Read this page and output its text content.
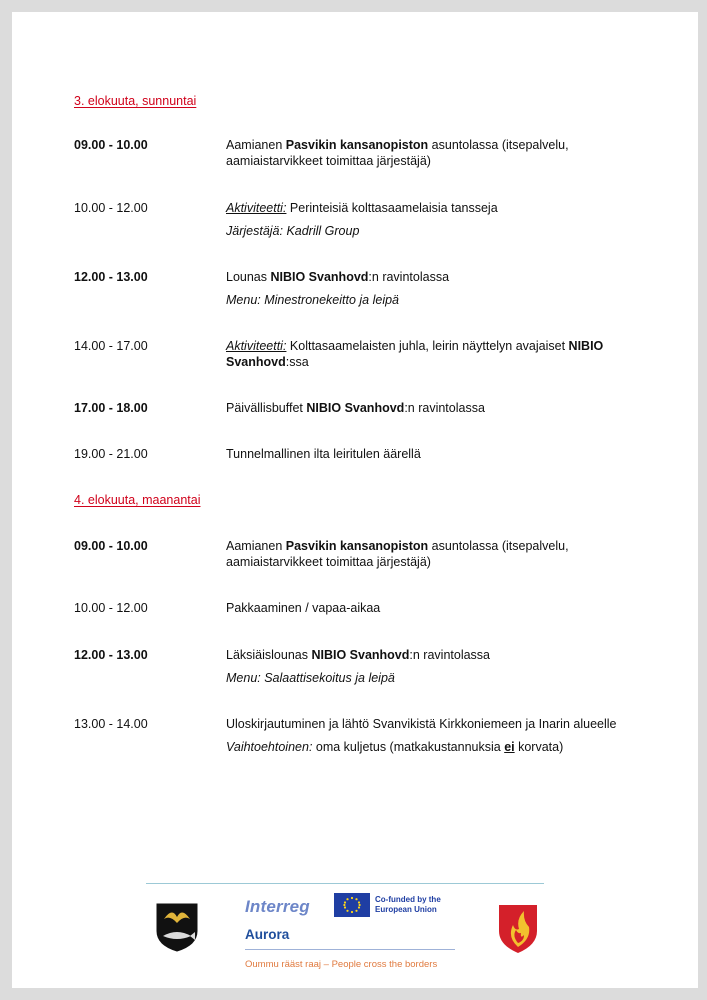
3. elokuuta, sunnuntai
09.00 - 10.00	Aamianen Pasvikin kansanopiston asuntolassa (itsepalvelu, aamiaistarvikkeet toimittaa järjestäjä)
10.00 - 12.00	Aktiviteetti: Perinteisiä kolttasaamelaisia tansseja
Järjestäjä: Kadrill Group
12.00 - 13.00	Lounas NIBIO Svanhovd:n ravintolassa
Menu: Minestronekeitto ja leipä
14.00 - 17.00	Aktiviteetti: Kolttasaamelaisten juhla, leirin näyttelyn avajaiset NIBIO Svanhovd:ssa
17.00 - 18.00	Päivällisbuffet NIBIO Svanhovd:n ravintolassa
19.00 - 21.00	Tunnelmallinen ilta leiritulen äärellä
4. elokuuta, maanantai
09.00 - 10.00	Aamianen Pasvikin kansanopiston asuntolassa (itsepalvelu, aamiaistarvikkeet toimittaa järjestäjä)
10.00 - 12.00	Pakkaaminen / vapaa-aikaa
12.00 - 13.00	Läksiäislounas NIBIO Svanhovd:n ravintolassa
Menu: Salaattisekoitus ja leipä
13.00 - 14.00	Uloskirjautuminen ja lähtö Svanvikistä Kirkkoniemeen ja Inarin alueelle
Vaihtoehtoinen: oma kuljetus (matkakustannuksia ei korvata)
Interreg	Co-funded by the European Union
Aurora
Oummu rääst raaj – People cross the borders
